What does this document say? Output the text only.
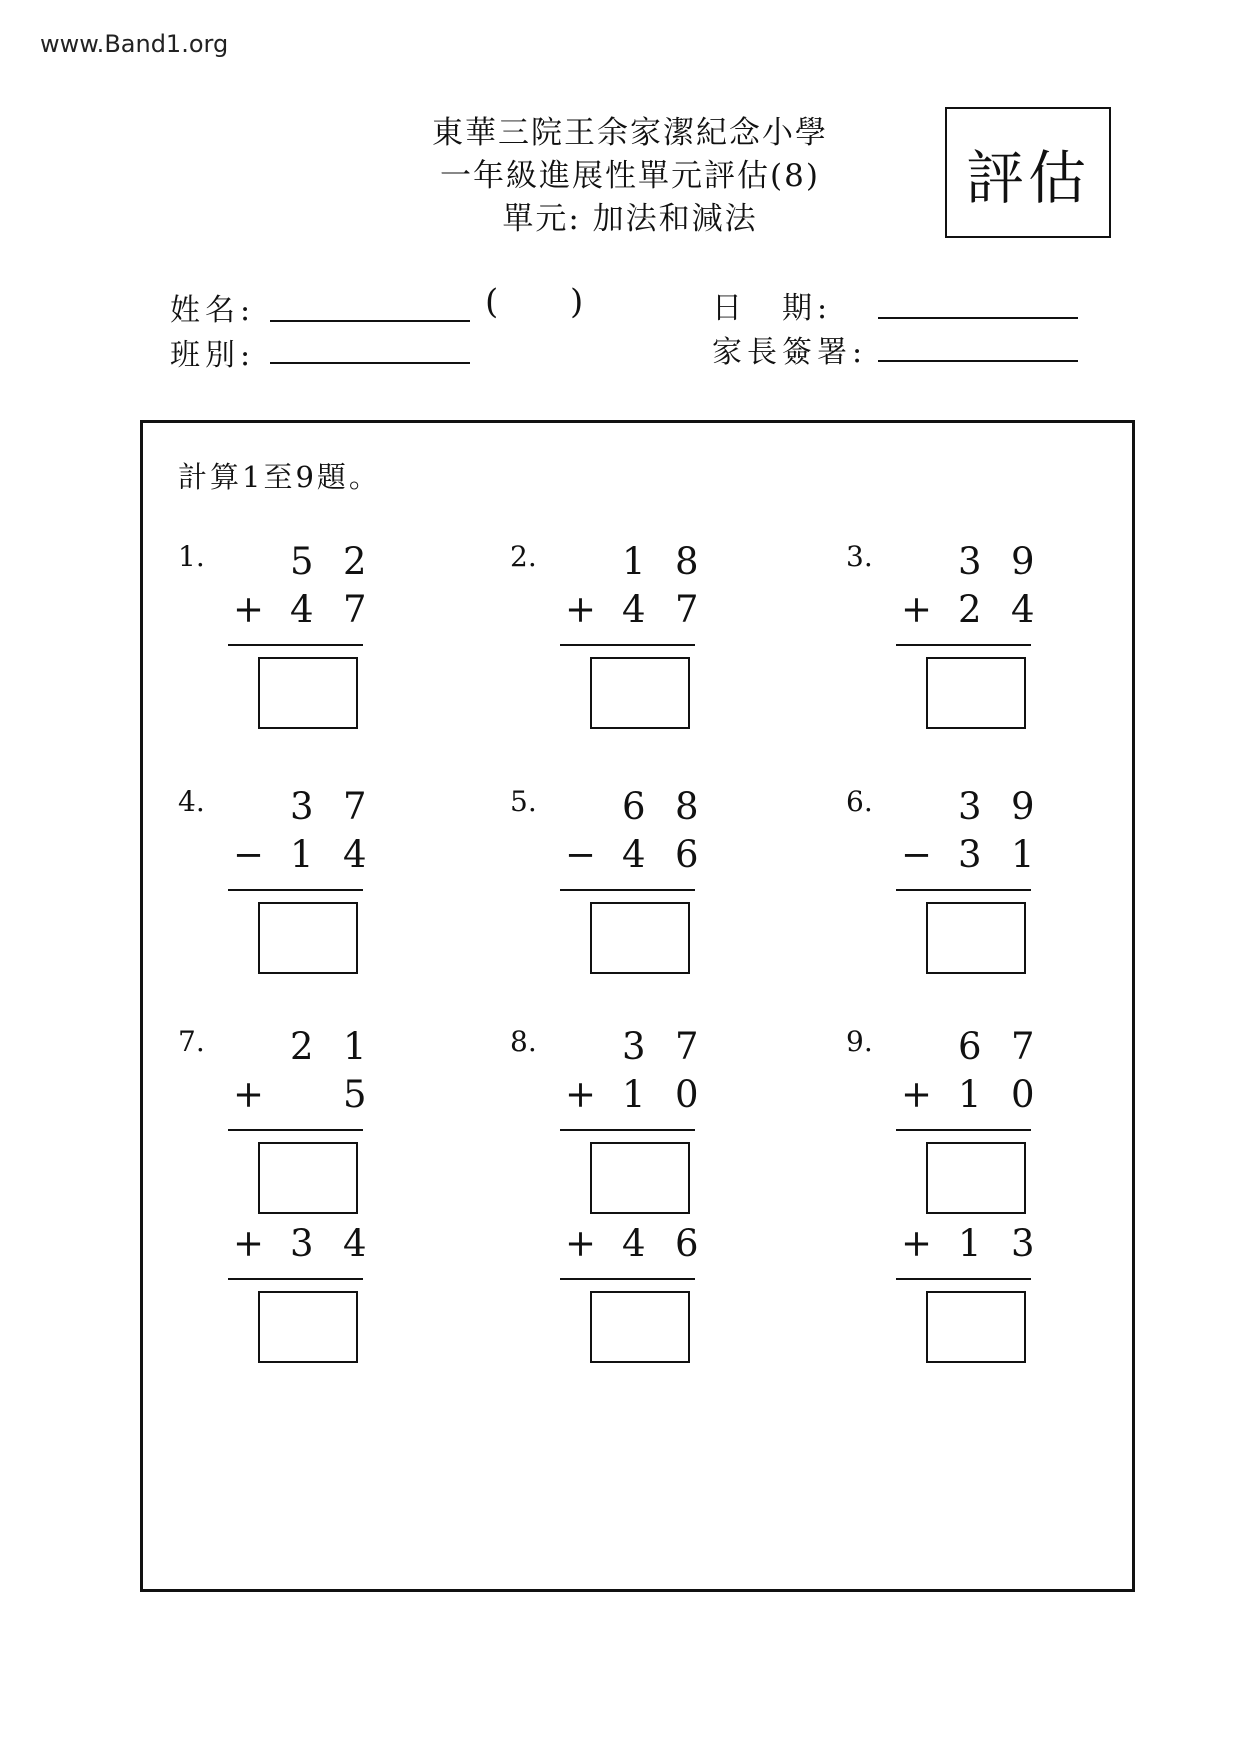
www.Band1.org
東華三院王余家潔紀念小學
一年級進展性單元評估(8)
單元: 加法和減法
評估
姓名:	( )
班別:
日　期:
家長簽署:
計算1至9題。
1. 5 2
+ 4 7
2. 1 8
+ 4 7
3. 3 9
+ 2 4
4. 3 7
− 1 4
5. 6 8
− 4 6
6. 3 9
− 3 1
7. 2 1
+ 5
+ 3 4
8. 3 7
+ 1 0
+ 4 6
9. 6 7
+ 1 0
+ 1 3
